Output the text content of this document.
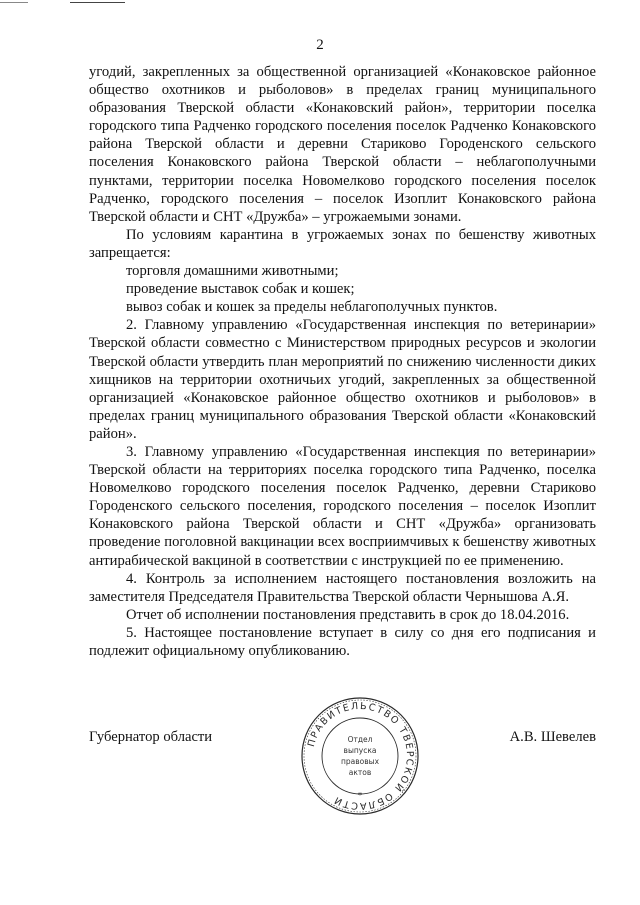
2

угодий, закрепленных за общественной организацией «Конаковское районное общество охотников и рыболовов» в пределах границ муниципального образования Тверской области «Конаковский район», территории поселка городского типа Радченко городского поселения поселок Радченко Конаковского района Тверской области и деревни Стариково Городенского сельского поселения Конаковского района Тверской области – неблагополучными пунктами, территории поселка Новомелково городского поселения поселок Радченко, городского поселения – поселок Изоплит Конаковского района Тверской области и СНТ «Дружба» – угрожаемыми зонами.

По условиям карантина в угрожаемых зонах по бешенству животных запрещается:

торговля домашними животными;

проведение выставок собак и кошек;

вывоз собак и кошек за пределы неблагополучных пунктов.

2. Главному управлению «Государственная инспекция по ветеринарии» Тверской области совместно с Министерством природных ресурсов и экологии Тверской области утвердить план мероприятий по снижению численности диких хищников на территории охотничьих угодий, закрепленных за общественной организацией «Конаковское районное общество охотников и рыболовов» в пределах границ муниципального образования Тверской области «Конаковский район».

3. Главному управлению «Государственная инспекция по ветеринарии» Тверской области на территориях поселка городского типа Радченко, поселка Новомелково городского поселения поселок Радченко, деревни Стариково Городенского сельского поселения, городского поселения – поселок Изоплит Конаковского района Тверской области и СНТ «Дружба» организовать проведение поголовной вакцинации всех восприимчивых к бешенству животных антирабической вакциной в соответствии с инструкцией по ее применению.

4. Контроль за исполнением настоящего постановления возложить на заместителя Председателя Правительства Тверской области Чернышова А.Я.

Отчет об исполнении постановления представить в срок до 18.04.2016.

5. Настоящее постановление вступает в силу со дня его подписания и подлежит официальному опубликованию.

Губернатор области	А.В. Шевелев
ПРАВИТЕЛЬСТВО ТВЕРСКОЙ ОБЛАСТИ	*
Отдел
выпуска
правовых
актов
